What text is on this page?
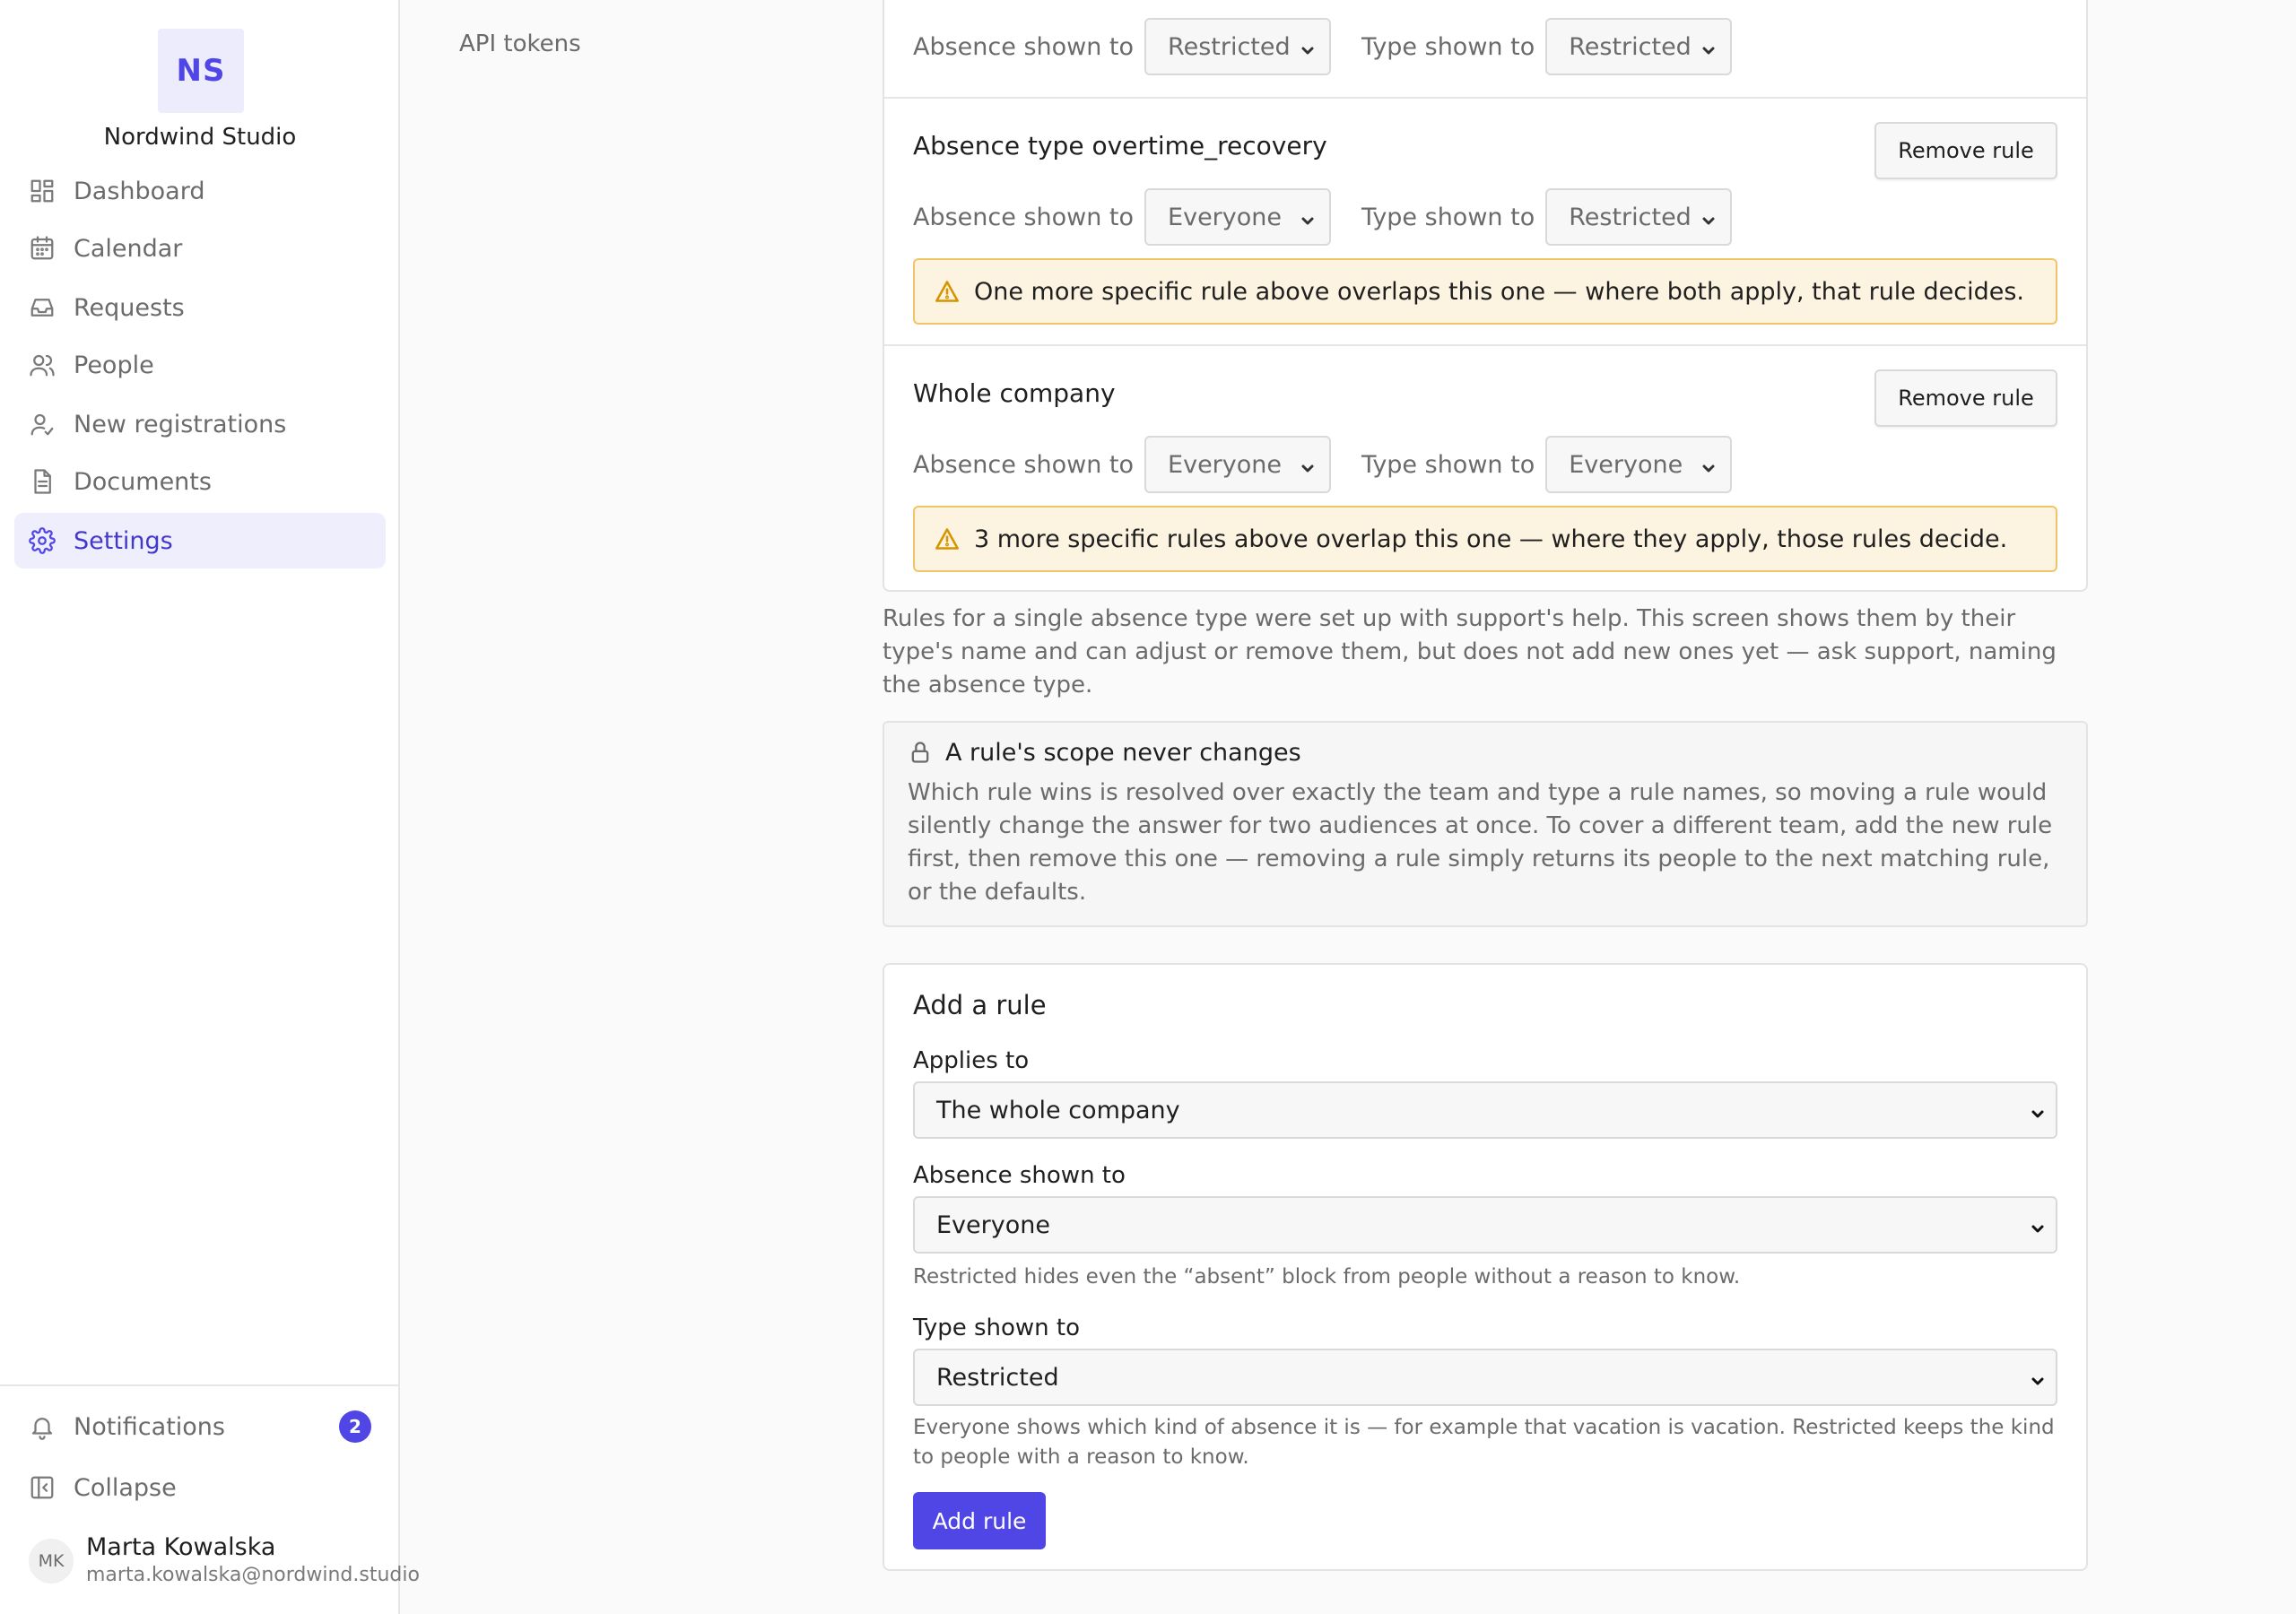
NS
Nordwind Studio
Dashboard
Calendar
Requests
People
New registrations
Documents
Settings
Notifications	2
Collapse
MK Marta Kowalska
marta.kowalska@nordwind.studio
API tokens	Absence shown to Restricted	Type shown to Restricted
Absence type overtime_recovery	Remove rule
Absence shown to Everyone	Type shown to Restricted
One more specific rule above overlaps this one — where both apply, that rule decides.
Whole company	Remove rule
Absence shown to Everyone	Type shown to Everyone
3 more specific rules above overlap this one — where they apply, those rules decide.

Rules for a single absence type were set up with support's help. This screen shows them by their type's name and can adjust or remove them, but does not add new ones yet — ask support, naming the absence type.

A rule's scope never changes

Which rule wins is resolved over exactly the team and type a rule names, so moving a rule would silently change the answer for two audiences at once. To cover a different team, add the new rule first, then remove this one — removing a rule simply returns its people to the next matching rule, or the defaults.

Add a rule
Applies to
The whole company
Absence shown to
Everyone

Restricted hides even the “absent” block from people without a reason to know.

Type shown to
Restricted

Everyone shows which kind of absence it is — for example that vacation is vacation. Restricted keeps the kind to people with a reason to know.

Add rule
